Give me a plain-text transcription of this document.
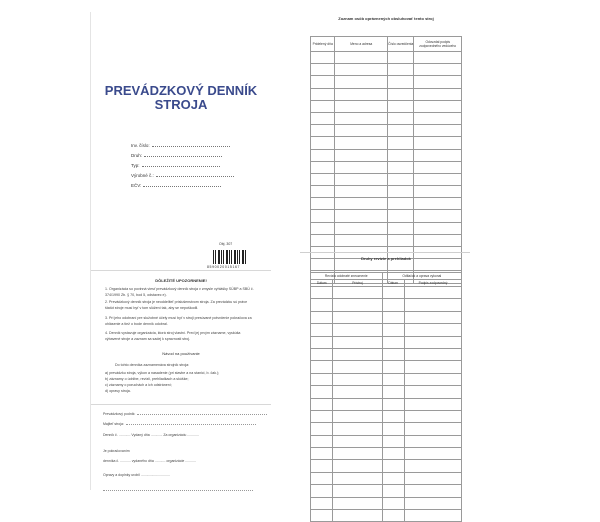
PREVÁDZKOVÝ DENNÍK
STROJA
Inv. číslo:
Druh:
Typ:
Výrobné č.:
EČV:
Obj. 307
8590020015167
DÔLEŽITÉ UPOZORNENIE!
1. Organizácia so povinná viesť prevádzkový denník stroja v zmysle vyhlášky SÚBP a SBÚ č. 374/1990 Zb. § 70, bod 5, odstavec e).
2. Prevádzkový denník stroja je neoddeliteľ príslušenstvom stroja. Za prevádzku sú práve štatút stroje musí byť v tom slúžení tak, aby se nepoškodil.
3. Pri jeho odobraní pre služobné účely musí byť v stroji presúvané potvrdenie pokračova za ohlásenie a tiež o bode denník odobral.
4. Denník vystavuje organizácia, ktorá stroj vlastní. Pred jej prvým zázname, vyskúša výbavené stroje a zaznam sa sadej k spravnosti stroj.
Návod na používanie
Do tohto denníka zaznamenáva strojník stroja:
a) prevádzku stroja, výkon a nasadenie (pri stavbe a na stanici, b. čak.);
b) záznamy o údržbe, revízii, prehliadkach a skúške;
c) záznamy o poruchách a ich odstránení;
d) opravy stroja.
Prevádzkový podnik:
Majiteľ stroja:
Denník č. ............ Vydaný dňa ............ Za organizáciu ............
Je pokračovaním
denníka č. ........... vydaného dňa ........... organizácie ...........
Opravy a doplnky urobil ..............................
Zoznam osôb oprávnených obsluhovať tento stroj
Pridelený dňa	Meno a adresa	Číslo osvedčenia	Odovzdal podpis zodpovedného vedúceho

Druhy revízie a prehliadok
Revízia odobraté zneuznenie		Odtlačok a oprava vykonal	
Dátum	Prístroj	Dátum	Podpis zodpovedný
